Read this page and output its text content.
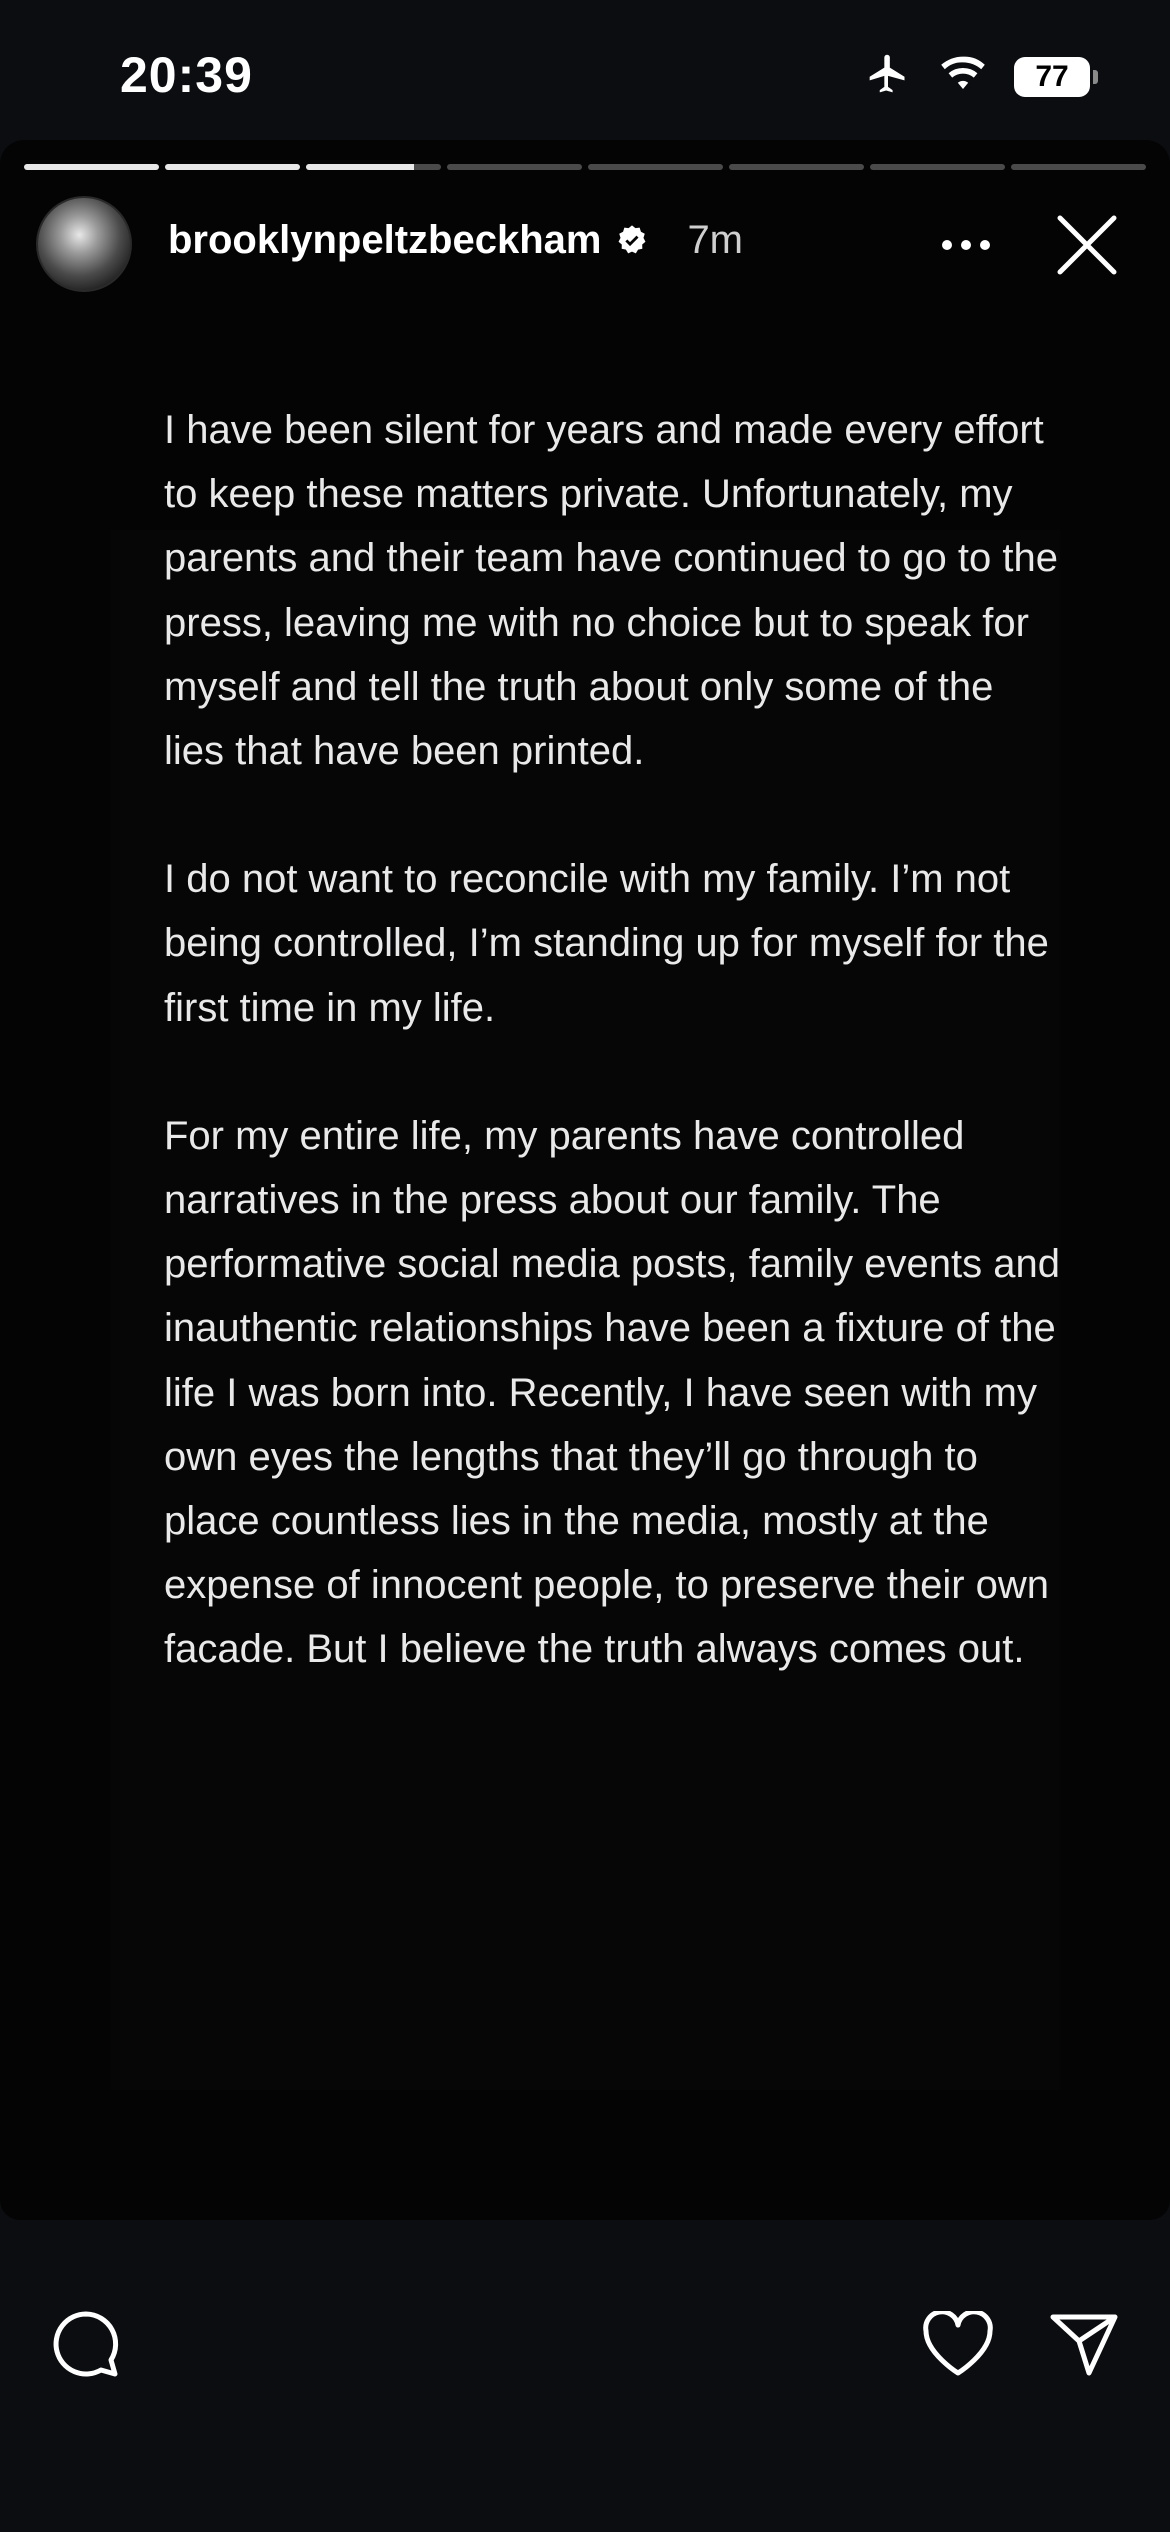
20:39	77
brooklynpeltzbeckham 7m

I have been silent for years and made every effort to keep these matters private. Unfortunately, my parents and their team have continued to go to the press, leaving me with no choice but to speak for myself and tell the truth about only some of the lies that have been printed.

I do not want to reconcile with my family. I’m not being controlled, I’m standing up for myself for the first time in my life.

For my entire life, my parents have controlled narratives in the press about our family. The performative social media posts, family events and inauthentic relationships have been a fixture of the life I was born into. Recently, I have seen with my own eyes the lengths that they’ll go through to place countless lies in the media, mostly at the expense of innocent people, to preserve their own facade. But I believe the truth always comes out.
